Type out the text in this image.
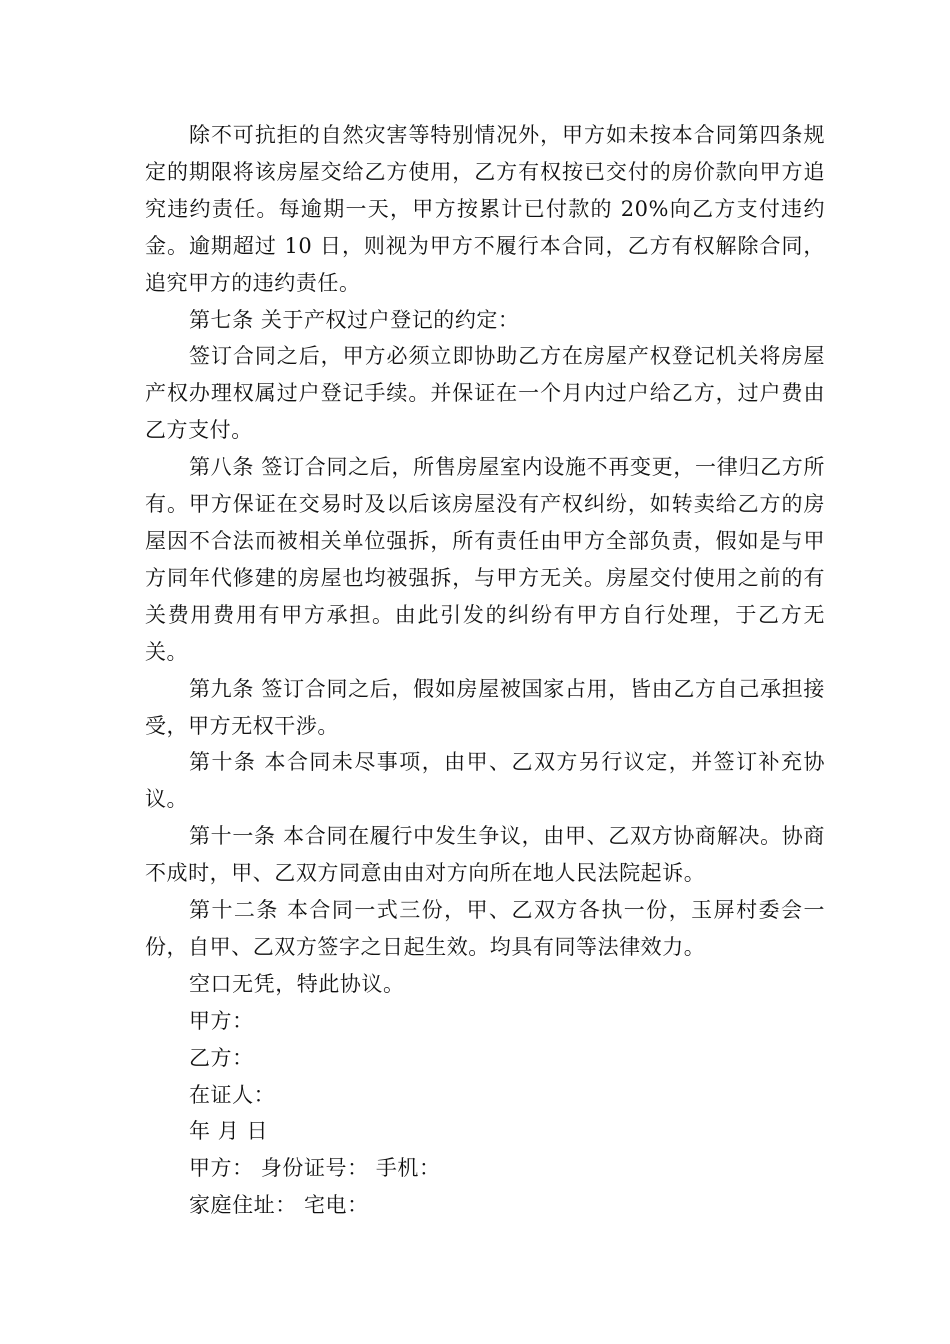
除不可抗拒的自然灾害等特别情况外，甲方如未按本合同第四条规定的期限将该房屋交给乙方使用，乙方有权按已交付的房价款向甲方追究违约责任。每逾期一天，甲方按累计已付款的 20%向乙方支付违约金。逾期超过 10 日，则视为甲方不履行本合同，乙方有权解除合同，追究甲方的违约责任。

第七条 关于产权过户登记的约定：

签订合同之后，甲方必须立即协助乙方在房屋产权登记机关将房屋产权办理权属过户登记手续。并保证在一个月内过户给乙方，过户费由乙方支付。

第八条 签订合同之后，所售房屋室内设施不再变更，一律归乙方所有。甲方保证在交易时及以后该房屋没有产权纠纷，如转卖给乙方的房屋因不合法而被相关单位强拆，所有责任由甲方全部负责，假如是与甲方同年代修建的房屋也均被强拆，与甲方无关。房屋交付使用之前的有关费用费用有甲方承担。由此引发的纠纷有甲方自行处理，于乙方无关。

第九条 签订合同之后，假如房屋被国家占用，皆由乙方自己承担接受，甲方无权干涉。

第十条 本合同未尽事项，由甲、乙双方另行议定，并签订补充协议。

第十一条 本合同在履行中发生争议，由甲、乙双方协商解决。协商不成时，甲、乙双方同意由由对方向所在地人民法院起诉。

第十二条 本合同一式三份，甲、乙双方各执一份，玉屏村委会一份，自甲、乙双方签字之日起生效。均具有同等法律效力。

空口无凭，特此协议。

甲方：

乙方：

在证人：

年 月 日

甲方： 身份证号： 手机：

家庭住址： 宅电：
